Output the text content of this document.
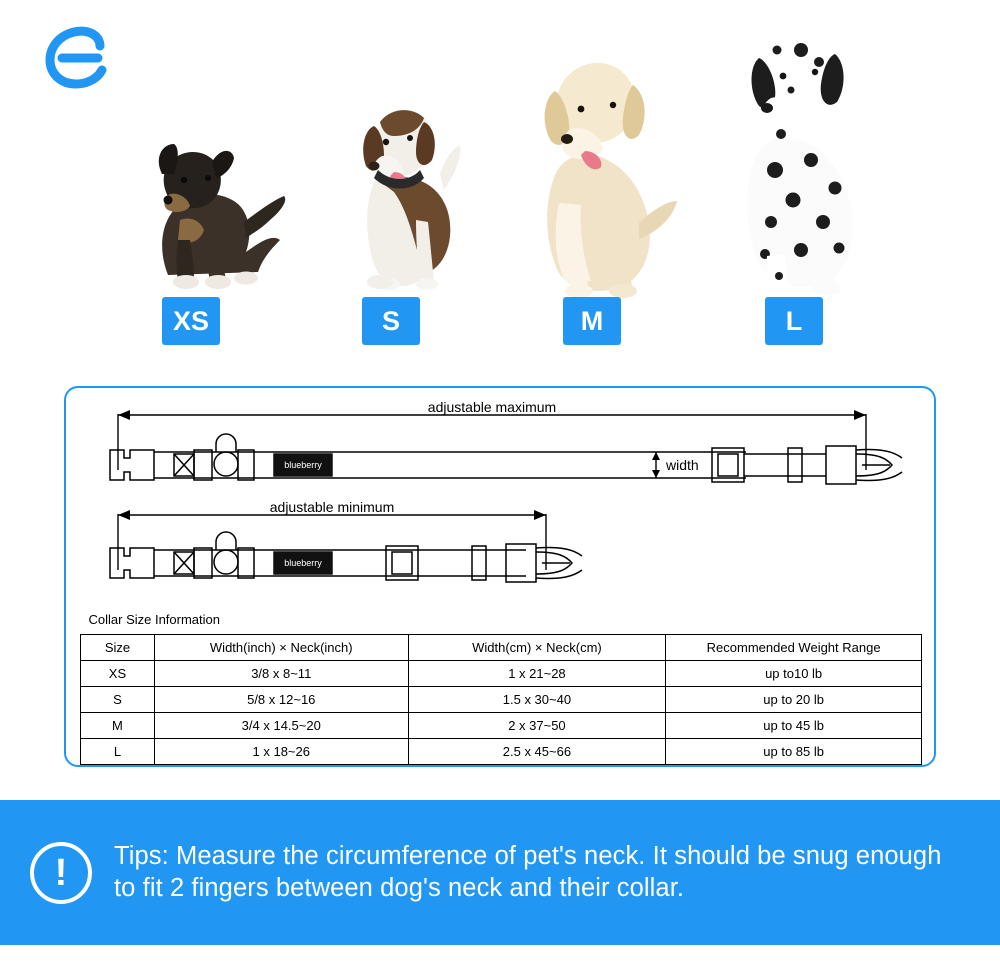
XS	S	M	L
adjustable maximum
width
adjustable minimum
blueberry
blueberry
Collar Size Information			
Size	Width(inch) × Neck(inch)	Width(cm) × Neck(cm)	Recommended Weight Range
XS	3/8 x 8~11	1 x 21~28	up to10 lb
S	5/8 x 12~16	1.5 x 30~40	up to 20 lb
M	3/4 x 14.5~20	2 x 37~50	up to 45 lb
L	1 x 18~26	2.5 x 45~66	up to 85 lb
!	Tips: Measure the circumference of pet's neck. It should be snug enough to fit 2 fingers between dog's neck and their collar.
